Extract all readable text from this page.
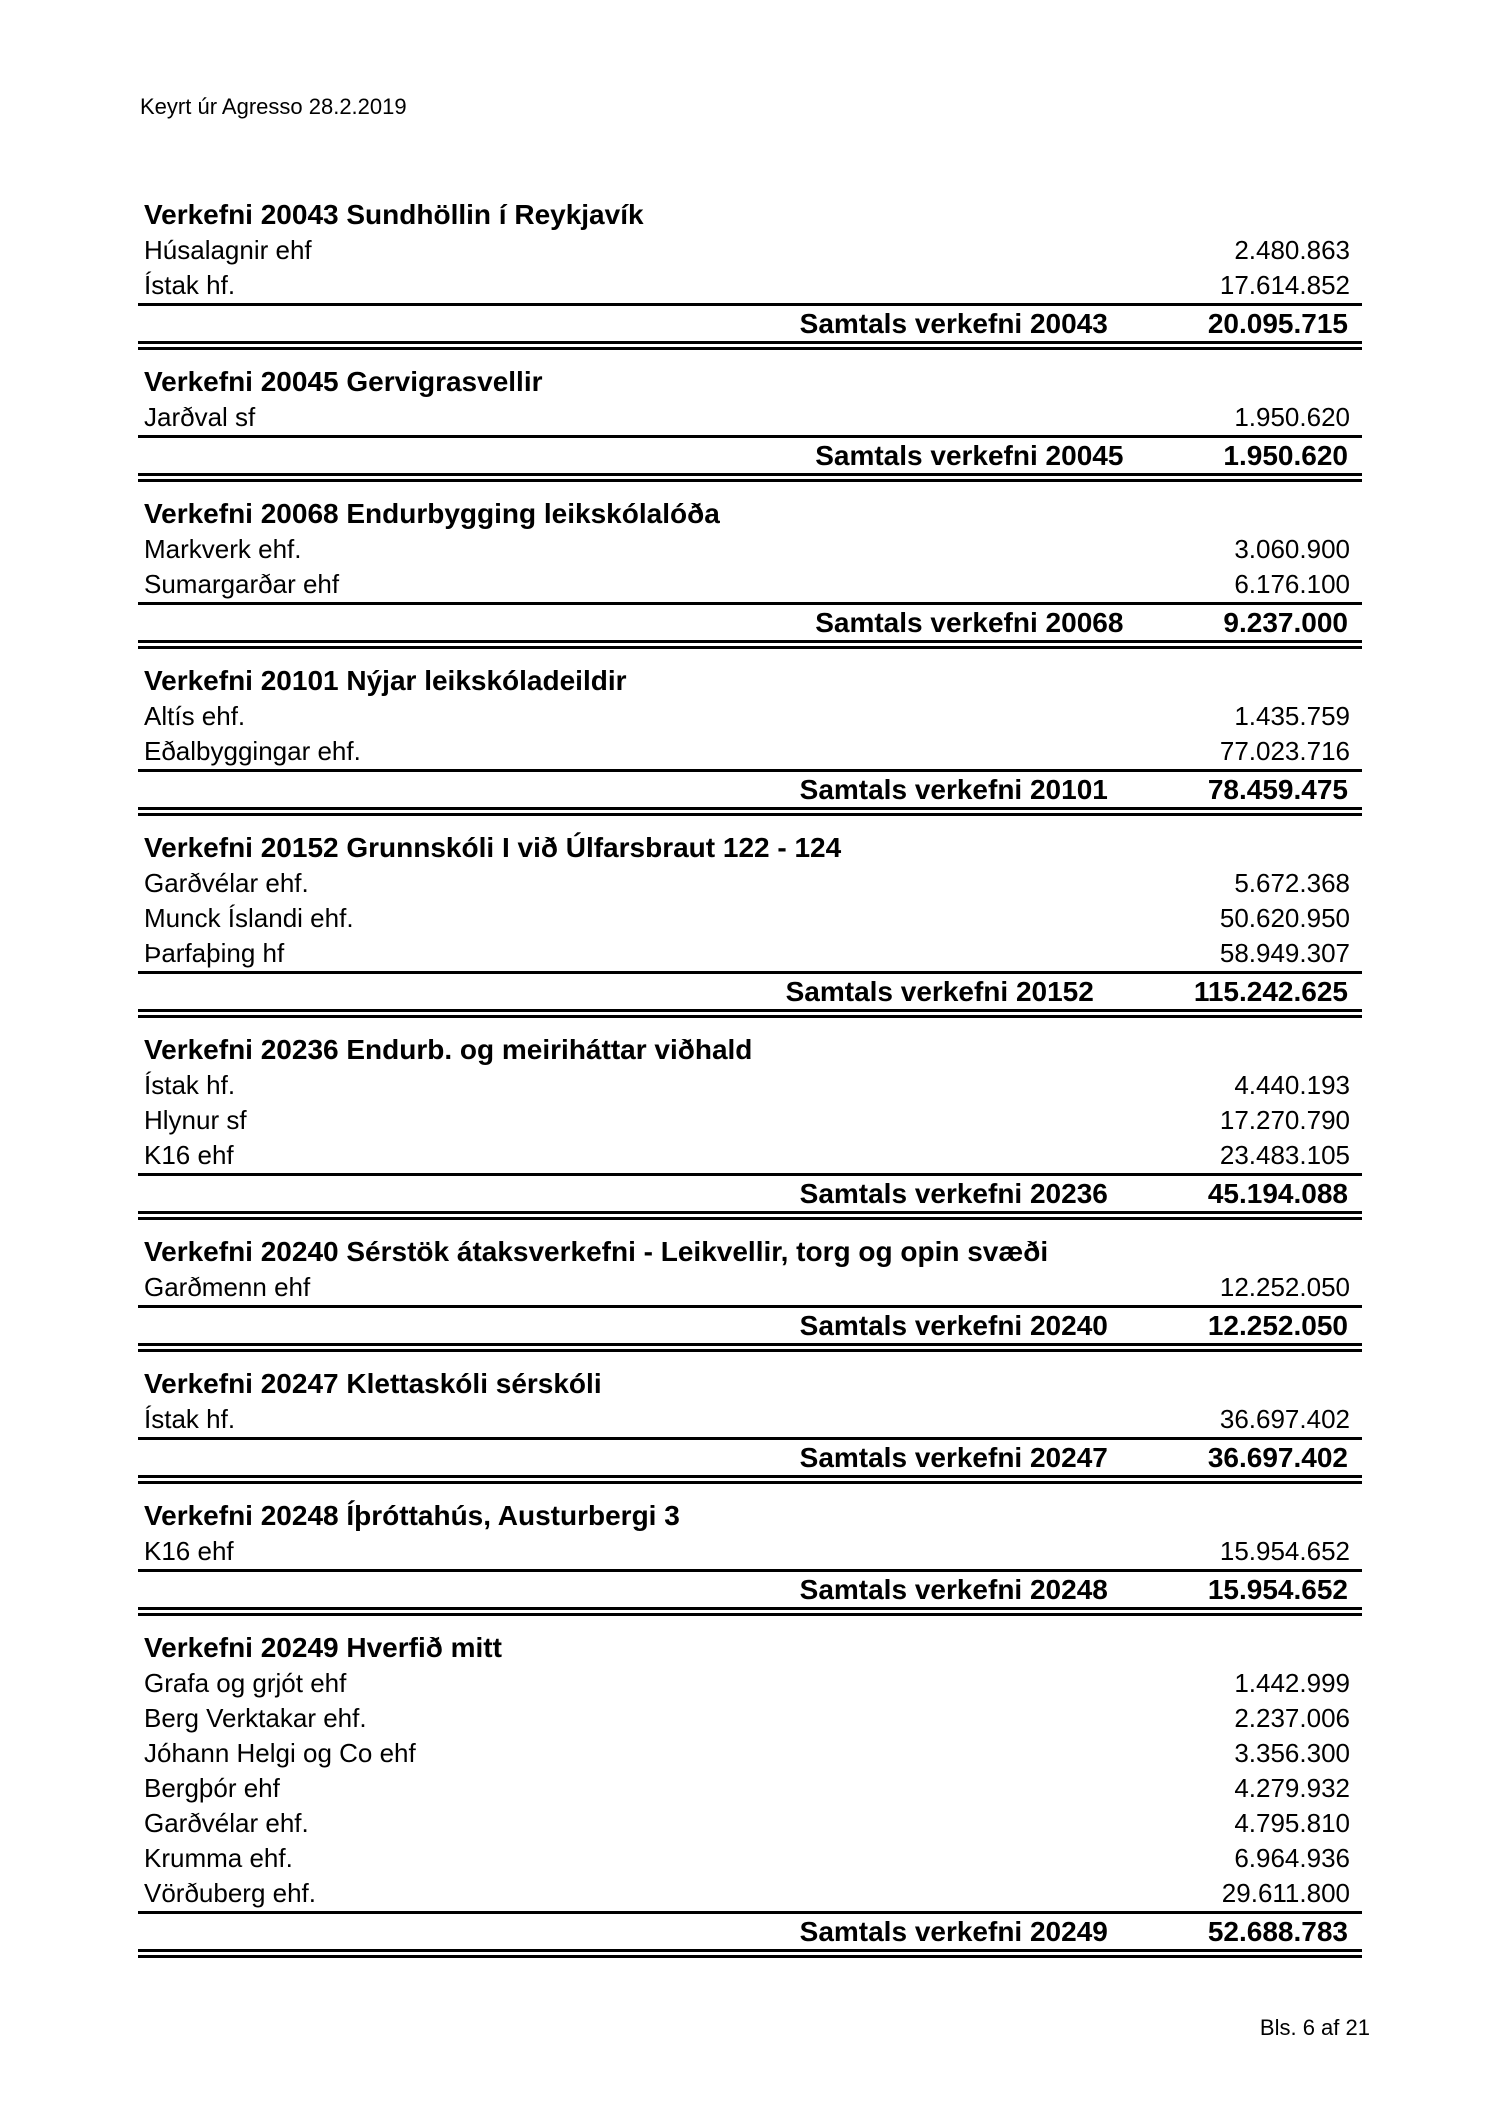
Keyrt úr Agresso 28.2.2019
Verkefni 20043 Sundhöllin í Reykjavík
Húsalagnir ehf	2.480.863
Ístak hf.	17.614.852
Samtals verkefni 20043	20.095.715
Verkefni 20045 Gervigrasvellir
Jarðval sf	1.950.620
Samtals verkefni 20045	1.950.620
Verkefni 20068 Endurbygging leikskólalóða
Markverk ehf.	3.060.900
Sumargarðar ehf	6.176.100
Samtals verkefni 20068	9.237.000
Verkefni 20101 Nýjar leikskóladeildir
Altís ehf.	1.435.759
Eðalbyggingar ehf.	77.023.716
Samtals verkefni 20101	78.459.475
Verkefni 20152 Grunnskóli I við Úlfarsbraut 122 - 124
Garðvélar ehf.	5.672.368
Munck Íslandi ehf.	50.620.950
Þarfaþing hf	58.949.307
Samtals verkefni 20152	115.242.625
Verkefni 20236 Endurb. og meiriháttar viðhald
Ístak hf.	4.440.193
Hlynur sf	17.270.790
K16 ehf	23.483.105
Samtals verkefni 20236	45.194.088
Verkefni 20240 Sérstök átaksverkefni - Leikvellir, torg og opin svæði
Garðmenn ehf	12.252.050
Samtals verkefni 20240	12.252.050
Verkefni 20247 Klettaskóli sérskóli
Ístak hf.	36.697.402
Samtals verkefni 20247	36.697.402
Verkefni 20248 Íþróttahús, Austurbergi 3
K16 ehf	15.954.652
Samtals verkefni 20248	15.954.652
Verkefni 20249 Hverfið mitt
Grafa og grjót ehf	1.442.999
Berg Verktakar ehf.	2.237.006
Jóhann Helgi og Co ehf	3.356.300
Bergþór ehf	4.279.932
Garðvélar ehf.	4.795.810
Krumma ehf.	6.964.936
Vörðuberg ehf.	29.611.800
Samtals verkefni 20249	52.688.783
Bls. 6 af 21
